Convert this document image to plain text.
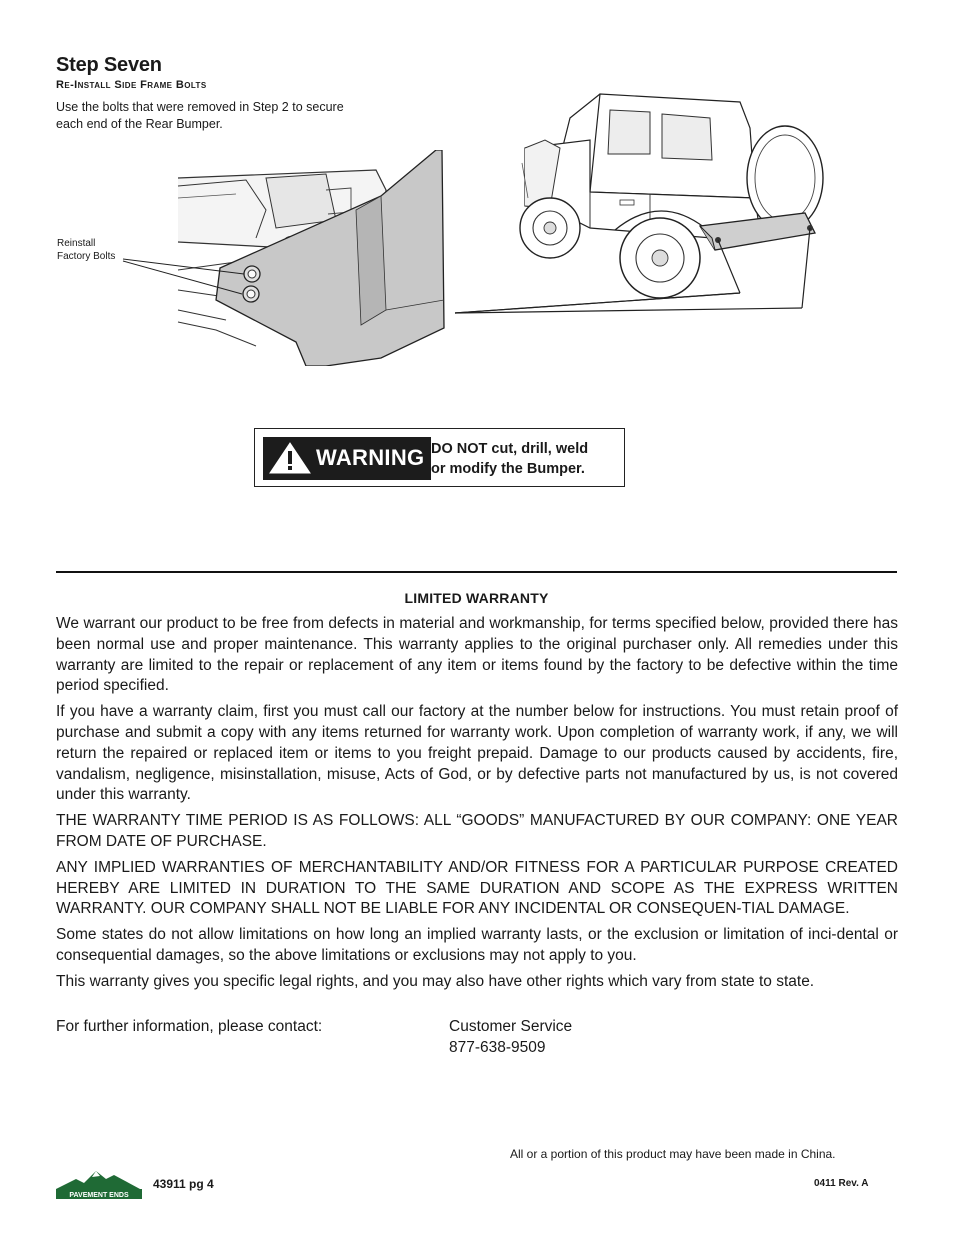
Step Seven
Re-Install Side Frame Bolts
Use the bolts that were removed in Step 2 to secure each end of the Rear Bumper.
Reinstall
Factory Bolts
WARNING DO NOT cut, drill, weld
or modify the Bumper.
LIMITED WARRANTY

We warrant our product to be free from defects in material and workmanship, for terms specified below, provided there has been normal use and proper maintenance. This warranty applies to the original purchaser only. All remedies under this warranty are limited to the repair or replacement of any item or items found by the factory to be defective within the time period specified.

If you have a warranty claim, first you must call our factory at the number below for instructions. You must retain proof of purchase and submit a copy with any items returned for warranty work. Upon completion of warranty work, if any, we will return the repaired or replaced item or items to you freight prepaid. Damage to our products caused by accidents, fire, vandalism, negligence, misinstallation, misuse, Acts of God, or by defective parts not manufactured by us, is not covered under this warranty.

THE WARRANTY TIME PERIOD IS AS FOLLOWS: ALL “GOODS” MANUFACTURED BY OUR COMPANY: ONE YEAR FROM DATE OF PURCHASE.

ANY IMPLIED WARRANTIES OF MERCHANTABILITY AND/OR FITNESS FOR A PARTICULAR PURPOSE CREATED HEREBY ARE LIMITED IN DURATION TO THE SAME DURATION AND SCOPE AS THE EXPRESS WRITTEN WARRANTY. OUR COMPANY SHALL NOT BE LIABLE FOR ANY INCIDENTAL OR CONSEQUEN-TIAL DAMAGE.

Some states do not allow limitations on how long an implied warranty lasts, or the exclusion or limitation of inci-dental or consequential damages, so the above limitations or exclusions may not apply to you.

This warranty gives you specific legal rights, and you may also have other rights which vary from state to state.

For further information, please contact:	Customer Service
877-638-9509
All or a portion of this product may have been made in China.
PAVEMENT ENDS
43911 pg 4	0411 Rev. A
